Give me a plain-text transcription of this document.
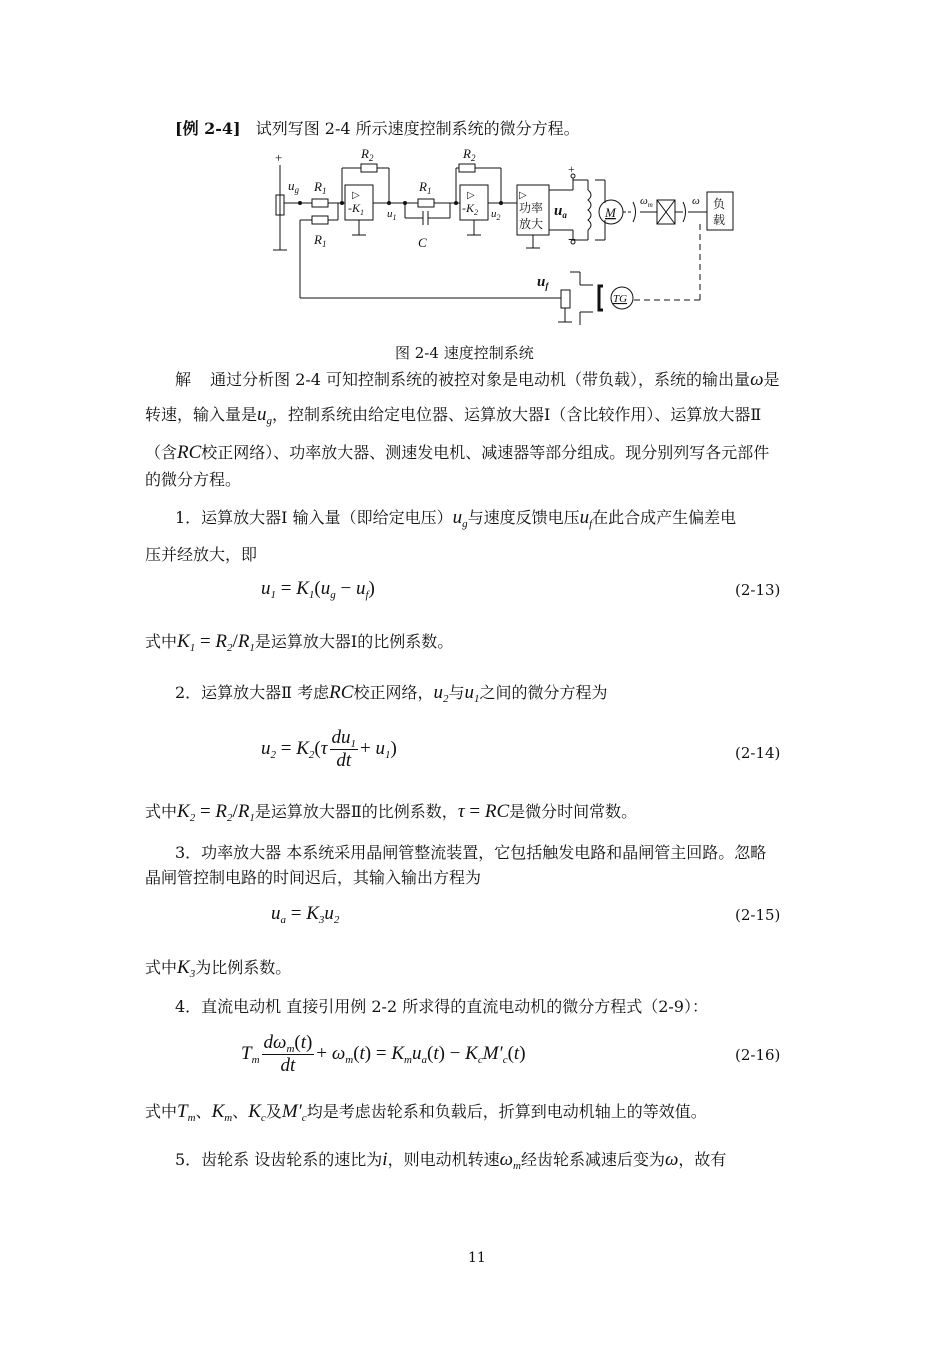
[例 2-4] 试列写图 2-4 所示速度控制系统的微分方程。
+
$u_g$ $R_1$
$R_1$
$R_2$	$R_2$
$R_1$
▷
$-K_1$
▷
$-K_2$
$u_1$	$u_2$
C
▷
功率
放大
+
−
$u_a$	M
$\omega_m$	ω 负
载
$u_f$
TG
图 2-4 速度控制系统
解 通过分析图 2-4 可知控制系统的被控对象是电动机（带负载），系统的输出量ω是
转速，输入量是$u_g$，控制系统由给定电位器、运算放大器Ⅰ（含比较作用）、运算放大器Ⅱ
（含RC校正网络）、功率放大器、测速发电机、减速器等部分组成。现分别列写各元部件
的微分方程。
1．运算放大器Ⅰ 输入量（即给定电压）$u_g$与速度反馈电压$u_f$在此合成产生偏差电
压并经放大，即
$u_1 = K_1(u_g - u_f)$	(2-13)
式中$K_1 = R_2/R_1$是运算放大器Ⅰ的比例系数。
2．运算放大器Ⅱ 考虑RC校正网络，$u_2$与$u_1$之间的微分方程为
$u_2 = K_2(\tau \frac{du_1}{dt} + u_1)$	(2-14)
式中$K_2 = R_2/R_1$是运算放大器Ⅱ的比例系数，τ = RC是微分时间常数。
3．功率放大器 本系统采用晶闸管整流装置，它包括触发电路和晶闸管主回路。忽略
晶闸管控制电路的时间迟后，其输入输出方程为
$u_a = K_3u_2$	(2-15)
式中$K_3$为比例系数。
4．直流电动机 直接引用例 2-2 所求得的直流电动机的微分方程式（2-9）：
$T_m \frac{d\omega_m(t)}{dt} + \omega_m(t) = K_mu_a(t) - K_cM'_c(t)$	(2-16)
式中$T_m$、$K_m$、$K_c$及$M'_c$均是考虑齿轮系和负载后，折算到电动机轴上的等效值。
5．齿轮系 设齿轮系的速比为i，则电动机转速$\omega_m$经齿轮系减速后变为ω，故有
11
